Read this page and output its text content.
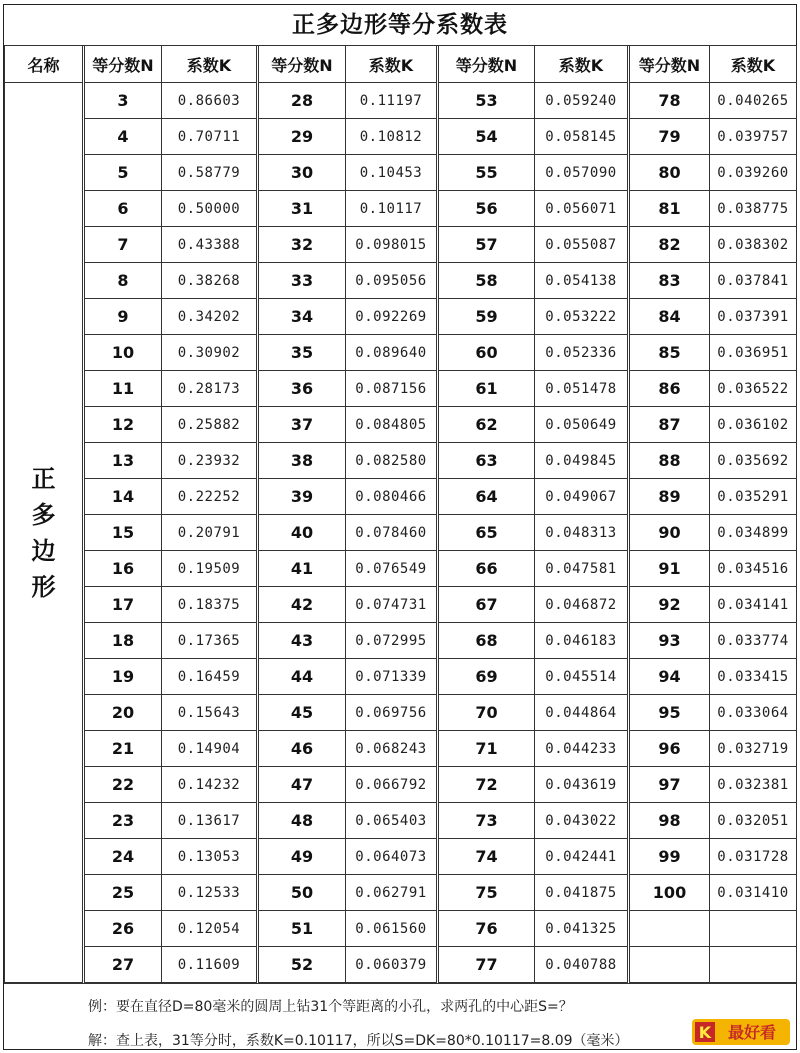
正多边形等分系数表
名称	等分数N	系数K	等分数N	系数K	等分数N	系数K	等分数N	系数K

正
多
边
形	3	0.86603	28	0.11197	53	0.059240	78	0.040265
	4	0.70711	29	0.10812	54	0.058145	79	0.039757
	5	0.58779	30	0.10453	55	0.057090	80	0.039260
	6	0.50000	31	0.10117	56	0.056071	81	0.038775
	7	0.43388	32	0.098015	57	0.055087	82	0.038302
	8	0.38268	33	0.095056	58	0.054138	83	0.037841
	9	0.34202	34	0.092269	59	0.053222	84	0.037391
	10	0.30902	35	0.089640	60	0.052336	85	0.036951
	11	0.28173	36	0.087156	61	0.051478	86	0.036522
	12	0.25882	37	0.084805	62	0.050649	87	0.036102
	13	0.23932	38	0.082580	63	0.049845	88	0.035692
	14	0.22252	39	0.080466	64	0.049067	89	0.035291
	15	0.20791	40	0.078460	65	0.048313	90	0.034899
	16	0.19509	41	0.076549	66	0.047581	91	0.034516
	17	0.18375	42	0.074731	67	0.046872	92	0.034141
	18	0.17365	43	0.072995	68	0.046183	93	0.033774
	19	0.16459	44	0.071339	69	0.045514	94	0.033415
	20	0.15643	45	0.069756	70	0.044864	95	0.033064
	21	0.14904	46	0.068243	71	0.044233	96	0.032719
	22	0.14232	47	0.066792	72	0.043619	97	0.032381
	23	0.13617	48	0.065403	73	0.043022	98	0.032051
	24	0.13053	49	0.064073	74	0.042441	99	0.031728
	25	0.12533	50	0.062791	75	0.041875	100	0.031410
	26	0.12054	51	0.061560	76	0.041325		
	27	0.11609	52	0.060379	77	0.040788		
例：要在直径D=80毫米的圆周上钻31个等距离的小孔，求两孔的中心距S=？
解：查上表，31等分时，系数K=0.10117，所以S=DK=80*0.10117=8.09（毫米）	K 最好看
